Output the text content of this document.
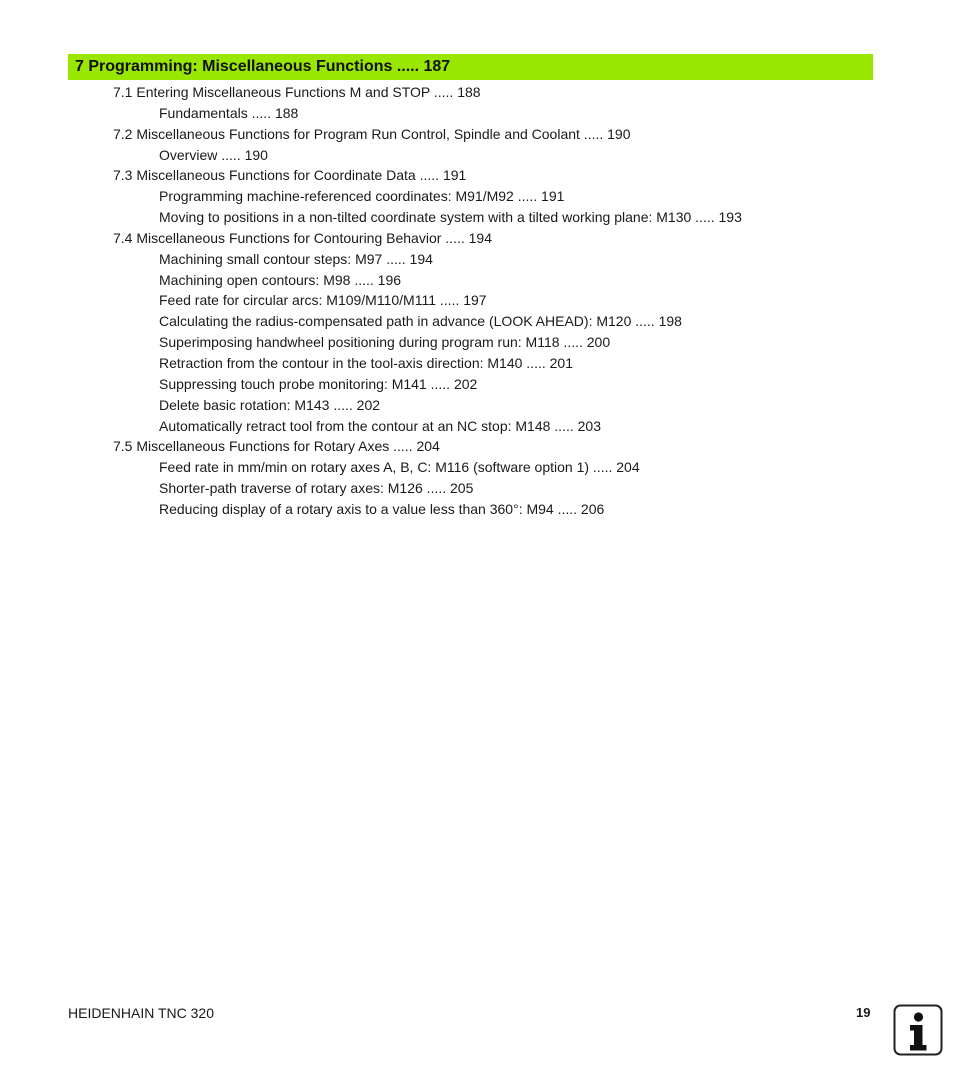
7 Programming: Miscellaneous Functions ..... 187
7.1 Entering Miscellaneous Functions M and STOP ..... 188
Fundamentals ..... 188
7.2 Miscellaneous Functions for Program Run Control, Spindle and Coolant ..... 190
Overview ..... 190
7.3 Miscellaneous Functions for Coordinate Data ..... 191
Programming machine-referenced coordinates: M91/M92 ..... 191
Moving to positions in a non-tilted coordinate system with a tilted working plane: M130 ..... 193
7.4 Miscellaneous Functions for Contouring Behavior ..... 194
Machining small contour steps: M97 ..... 194
Machining open contours: M98 ..... 196
Feed rate for circular arcs: M109/M110/M111 ..... 197
Calculating the radius-compensated path in advance (LOOK AHEAD): M120 ..... 198
Superimposing handwheel positioning during program run: M118 ..... 200
Retraction from the contour in the tool-axis direction: M140 ..... 201
Suppressing touch probe monitoring: M141 ..... 202
Delete basic rotation: M143 ..... 202
Automatically retract tool from the contour at an NC stop: M148 ..... 203
7.5 Miscellaneous Functions for Rotary Axes ..... 204
Feed rate in mm/min on rotary axes A, B, C: M116 (software option 1) ..... 204
Shorter-path traverse of rotary axes: M126 ..... 205
Reducing display of a rotary axis to a value less than 360°: M94 ..... 206
HEIDENHAIN TNC 320	19
